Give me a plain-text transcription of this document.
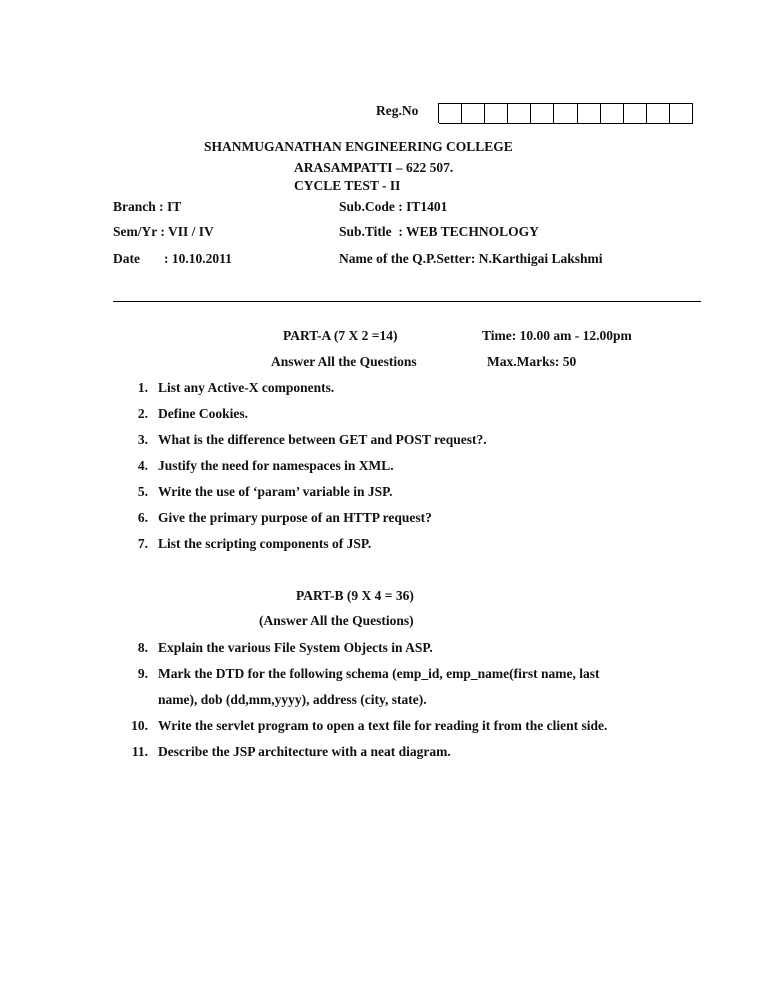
Reg.No
SHANMUGANATHAN ENGINEERING COLLEGE
ARASAMPATTI – 622 507.
CYCLE TEST - II
Branch : IT	Sub.Code : IT1401
Sem/Yr : VII / IV	Sub.Title  : WEB TECHNOLOGY
Date : 10.10.2011	Name of the Q.P.Setter: N.Karthigai Lakshmi
PART-A (7 X 2 =14)	Time: 10.00 am - 12.00pm
Answer All the Questions	Max.Marks: 50
1. List any Active-X components.
2. Define Cookies.
3. What is the difference between GET and POST request?.
4. Justify the need for namespaces in XML.
5. Write the use of ‘param’ variable in JSP.
6. Give the primary purpose of an HTTP request?
7. List the scripting components of JSP.
PART-B (9 X 4 = 36)
(Answer All the Questions)
8. Explain the various File System Objects in ASP.
9. Mark the DTD for the following schema (emp_id, emp_name(first name, last
name), dob (dd,mm,yyyy), address (city, state).
10. Write the servlet program to open a text file for reading it from the client side.
11. Describe the JSP architecture with a neat diagram.
